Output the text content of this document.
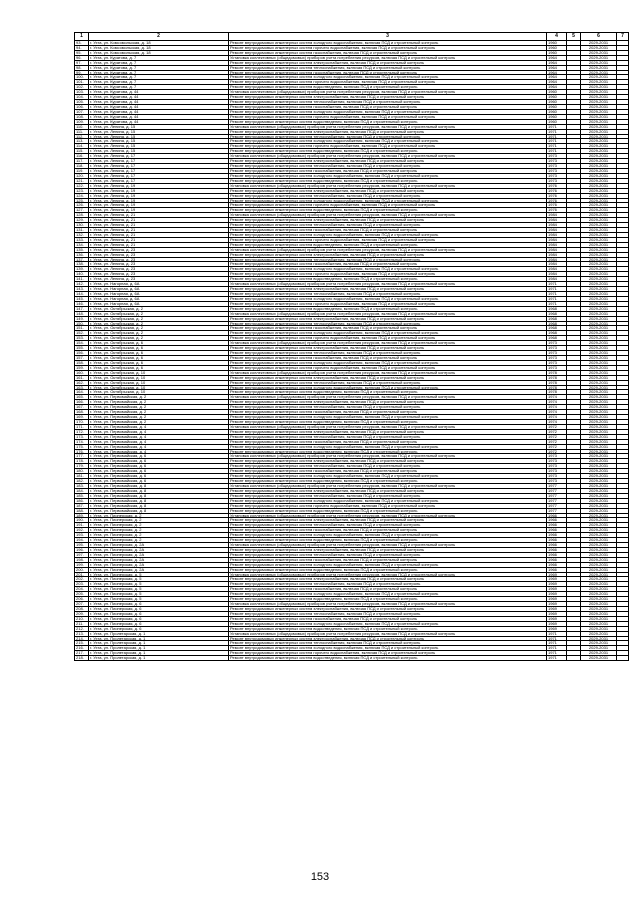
1	2	3	4	5	6	7
93.	г. Ухта, ул. Комсомольская, д. 18	Ремонт внутридомовых инженерных систем холодного водоснабжения, включая ПСД и строительный контроль	1960		2029-2031	
94.	г. Ухта, ул. Комсомольская, д. 18	Ремонт внутридомовых инженерных систем горячего водоснабжения, включая ПСД и строительный контроль	1960		2029-2031	
95.	г. Ухта, ул. Комсомольская, д. 18	Ремонт внутридомовых инженерных систем газоснабжения, включая ПСД и строительный контроль	1960		2029-2031	
96.	г. Ухта, ул. Куратова, д. 7	Установка коллективных (общедомовых) приборов учета потребления ресурсов, включая ПСД и строительный контроль	1964		2029-2031	
97.	г. Ухта, ул. Куратова, д. 7	Ремонт внутридомовых инженерных систем электроснабжения, включая ПСД и строительный контроль	1964		2029-2031	
98.	г. Ухта, ул. Куратова, д. 7	Ремонт внутридомовых инженерных систем теплоснабжения, включая ПСД и строительный контроль	1964		2029-2031	
99.	г. Ухта, ул. Куратова, д. 7	Ремонт внутридомовых инженерных систем газоснабжения, включая ПСД и строительный контроль	1964		2029-2031	
100.	г. Ухта, ул. Куратова, д. 7	Ремонт внутридомовых инженерных систем холодного водоснабжения, включая ПСД и строительный контроль	1964		2029-2031	
101.	г. Ухта, ул. Куратова, д. 7	Ремонт внутридомовых инженерных систем горячего водоснабжения, включая ПСД и строительный контроль	1964		2029-2031	
102.	г. Ухта, ул. Куратова, д. 7	Ремонт внутридомовых инженерных систем водоотведения, включая ПСД и строительный контроль	1964		2029-2031	
103.	г. Ухта, ул. Куратова, д. 44	Установка коллективных (общедомовых) приборов учета потребления ресурсов, включая ПСД и строительный контроль	1960		2029-2031	
104.	г. Ухта, ул. Куратова, д. 44	Ремонт внутридомовых инженерных систем электроснабжения, включая ПСД и строительный контроль	1960		2029-2031	
105.	г. Ухта, ул. Куратова, д. 44	Ремонт внутридомовых инженерных систем теплоснабжения, включая ПСД и строительный контроль	1960		2029-2031	
106.	г. Ухта, ул. Куратова, д. 44	Ремонт внутридомовых инженерных систем газоснабжения, включая ПСД и строительный контроль	1960		2029-2031	
107.	г. Ухта, ул. Куратова, д. 44	Ремонт внутридомовых инженерных систем холодного водоснабжения, включая ПСД и строительный контроль	1960		2029-2031	
108.	г. Ухта, ул. Куратова, д. 44	Ремонт внутридомовых инженерных систем горячего водоснабжения, включая ПСД и строительный контроль	1960		2029-2031	
109.	г. Ухта, ул. Куратова, д. 44	Ремонт внутридомовых инженерных систем водоотведения, включая ПСД и строительный контроль	1960		2029-2031	
110.	г. Ухта, ул. Ленина, д. 15	Установка коллективных (общедомовых) приборов учета потребления ресурсов, включая ПСД и строительный контроль	1971		2029-2031	
111.	г. Ухта, ул. Ленина, д. 15	Ремонт внутридомовых инженерных систем электроснабжения, включая ПСД и строительный контроль	1971		2029-2031	
112.	г. Ухта, ул. Ленина, д. 15	Ремонт внутридомовых инженерных систем теплоснабжения, включая ПСД и строительный контроль	1971		2029-2031	
113.	г. Ухта, ул. Ленина, д. 15	Ремонт внутридомовых инженерных систем холодного водоснабжения, включая ПСД и строительный контроль	1971		2029-2031	
114.	г. Ухта, ул. Ленина, д. 15	Ремонт внутридомовых инженерных систем горячего водоснабжения, включая ПСД и строительный контроль	1971		2029-2031	
115.	г. Ухта, ул. Ленина, д. 15	Ремонт внутридомовых инженерных систем водоотведения, включая ПСД и строительный контроль	1971		2029-2031	
116.	г. Ухта, ул. Ленина, д. 17	Установка коллективных (общедомовых) приборов учета потребления ресурсов, включая ПСД и строительный контроль	1973		2029-2031	
117.	г. Ухта, ул. Ленина, д. 17	Ремонт внутридомовых инженерных систем электроснабжения, включая ПСД и строительный контроль	1973		2029-2031	
118.	г. Ухта, ул. Ленина, д. 17	Ремонт внутридомовых инженерных систем теплоснабжения, включая ПСД и строительный контроль	1973		2029-2031	
119.	г. Ухта, ул. Ленина, д. 17	Ремонт внутридомовых инженерных систем газоснабжения, включая ПСД и строительный контроль	1973		2029-2031	
120.	г. Ухта, ул. Ленина, д. 17	Ремонт внутридомовых инженерных систем холодного водоснабжения, включая ПСД и строительный контроль	1973		2029-2031	
121.	г. Ухта, ул. Ленина, д. 17	Ремонт внутридомовых инженерных систем водоотведения, включая ПСД и строительный контроль	1973		2029-2031	
122.	г. Ухта, ул. Ленина, д. 19	Установка коллективных (общедомовых) приборов учета потребления ресурсов, включая ПСД и строительный контроль	1976		2029-2031	
123.	г. Ухта, ул. Ленина, д. 19	Ремонт внутридомовых инженерных систем электроснабжения, включая ПСД и строительный контроль	1976		2029-2031	
124.	г. Ухта, ул. Ленина, д. 19	Ремонт внутридомовых инженерных систем теплоснабжения, включая ПСД и строительный контроль	1976		2029-2031	
125.	г. Ухта, ул. Ленина, д. 19	Ремонт внутридомовых инженерных систем холодного водоснабжения, включая ПСД и строительный контроль	1976		2029-2031	
126.	г. Ухта, ул. Ленина, д. 19	Ремонт внутридомовых инженерных систем горячего водоснабжения, включая ПСД и строительный контроль	1976		2029-2031	
127.	г. Ухта, ул. Ленина, д. 19	Ремонт внутридомовых инженерных систем водоотведения, включая ПСД и строительный контроль	1976		2029-2031	
128.	г. Ухта, ул. Ленина, д. 21	Установка коллективных (общедомовых) приборов учета потребления ресурсов, включая ПСД и строительный контроль	1984		2029-2031	
129.	г. Ухта, ул. Ленина, д. 21	Ремонт внутридомовых инженерных систем электроснабжения, включая ПСД и строительный контроль	1984		2029-2031	
130.	г. Ухта, ул. Ленина, д. 21	Ремонт внутридомовых инженерных систем теплоснабжения, включая ПСД и строительный контроль	1984		2029-2031	
131.	г. Ухта, ул. Ленина, д. 21	Ремонт внутридомовых инженерных систем газоснабжения, включая ПСД и строительный контроль	1984		2029-2031	
132.	г. Ухта, ул. Ленина, д. 21	Ремонт внутридомовых инженерных систем холодного водоснабжения, включая ПСД и строительный контроль	1984		2029-2031	
133.	г. Ухта, ул. Ленина, д. 21	Ремонт внутридомовых инженерных систем горячего водоснабжения, включая ПСД и строительный контроль	1984		2029-2031	
134.	г. Ухта, ул. Ленина, д. 21	Ремонт внутридомовых инженерных систем водоотведения, включая ПСД и строительный контроль	1984		2029-2031	
135.	г. Ухта, ул. Ленина, д. 23	Установка коллективных (общедомовых) приборов учета потребления ресурсов, включая ПСД и строительный контроль	1984		2029-2031	
136.	г. Ухта, ул. Ленина, д. 23	Ремонт внутридомовых инженерных систем электроснабжения, включая ПСД и строительный контроль	1984		2029-2031	
137.	г. Ухта, ул. Ленина, д. 23	Ремонт внутридомовых инженерных систем теплоснабжения, включая ПСД и строительный контроль	1984		2029-2031	
138.	г. Ухта, ул. Ленина, д. 23	Ремонт внутридомовых инженерных систем газоснабжения, включая ПСД и строительный контроль	1984		2029-2031	
139.	г. Ухта, ул. Ленина, д. 23	Ремонт внутридомовых инженерных систем холодного водоснабжения, включая ПСД и строительный контроль	1984		2029-2031	
140.	г. Ухта, ул. Ленина, д. 23	Ремонт внутридомовых инженерных систем горячего водоснабжения, включая ПСД и строительный контроль	1984		2029-2031	
141.	г. Ухта, ул. Ленина, д. 23	Ремонт внутридомовых инженерных систем водоотведения, включая ПСД и строительный контроль	1984		2029-2031	
142.	г. Ухта, ул. Нагорная, д. 6А	Установка коллективных (общедомовых) приборов учета потребления ресурсов, включая ПСД и строительный контроль	1971		2029-2031	
143.	г. Ухта, ул. Нагорная, д. 6А	Ремонт внутридомовых инженерных систем электроснабжения, включая ПСД и строительный контроль	1971		2029-2031	
144.	г. Ухта, ул. Нагорная, д. 6А	Ремонт внутридомовых инженерных систем теплоснабжения, включая ПСД и строительный контроль	1971		2029-2031	
145.	г. Ухта, ул. Нагорная, д. 6А	Ремонт внутридомовых инженерных систем холодного водоснабжения, включая ПСД и строительный контроль	1971		2029-2031	
146.	г. Ухта, ул. Нагорная, д. 6А	Ремонт внутридомовых инженерных систем горячего водоснабжения, включая ПСД и строительный контроль	1971		2029-2031	
147.	г. Ухта, ул. Октябрьская, д. 2	Ремонт внутридомовых инженерных систем водоотведения, включая ПСД и строительный контроль	1968		2029-2031	
148.	г. Ухта, ул. Октябрьская, д. 2	Установка коллективных (общедомовых) приборов учета потребления ресурсов, включая ПСД и строительный контроль	1968		2029-2031	
149.	г. Ухта, ул. Октябрьская, д. 2	Ремонт внутридомовых инженерных систем электроснабжения, включая ПСД и строительный контроль	1968		2029-2031	
150.	г. Ухта, ул. Октябрьская, д. 2	Ремонт внутридомовых инженерных систем теплоснабжения, включая ПСД и строительный контроль	1968		2029-2031	
151.	г. Ухта, ул. Октябрьская, д. 2	Ремонт внутридомовых инженерных систем газоснабжения, включая ПСД и строительный контроль	1968		2029-2031	
152.	г. Ухта, ул. Октябрьская, д. 2	Ремонт внутридомовых инженерных систем холодного водоснабжения, включая ПСД и строительный контроль	1968		2029-2031	
153.	г. Ухта, ул. Октябрьская, д. 2	Ремонт внутридомовых инженерных систем горячего водоснабжения, включая ПСД и строительный контроль	1968		2029-2031	
154.	г. Ухта, ул. Октябрьская, д. 6	Установка коллективных (общедомовых) приборов учета потребления ресурсов, включая ПСД и строительный контроль	1973		2029-2031	
155.	г. Ухта, ул. Октябрьская, д. 6	Ремонт внутридомовых инженерных систем электроснабжения, включая ПСД и строительный контроль	1973		2029-2031	
156.	г. Ухта, ул. Октябрьская, д. 6	Ремонт внутридомовых инженерных систем теплоснабжения, включая ПСД и строительный контроль	1973		2029-2031	
157.	г. Ухта, ул. Октябрьская, д. 6	Ремонт внутридомовых инженерных систем газоснабжения, включая ПСД и строительный контроль	1973		2029-2031	
158.	г. Ухта, ул. Октябрьская, д. 6	Ремонт внутридомовых инженерных систем холодного водоснабжения, включая ПСД и строительный контроль	1973		2029-2031	
159.	г. Ухта, ул. Октябрьская, д. 6	Ремонт внутридомовых инженерных систем горячего водоснабжения, включая ПСД и строительный контроль	1973		2029-2031	
160.	г. Ухта, ул. Октябрьская, д. 10	Установка коллективных (общедомовых) приборов учета потребления ресурсов, включая ПСД и строительный контроль	1978		2029-2031	
161.	г. Ухта, ул. Октябрьская, д. 10	Ремонт внутридомовых инженерных систем электроснабжения, включая ПСД и строительный контроль	1978		2029-2031	
162.	г. Ухта, ул. Октябрьская, д. 10	Ремонт внутридомовых инженерных систем теплоснабжения, включая ПСД и строительный контроль	1978		2029-2031	
163.	г. Ухта, ул. Октябрьская, д. 10	Ремонт внутридомовых инженерных систем холодного водоснабжения, включая ПСД и строительный контроль	1978		2029-2031	
164.	г. Ухта, ул. Октябрьская, д. 10	Ремонт внутридомовых инженерных систем водоотведения, включая ПСД и строительный контроль	1978		2029-2031	
165.	г. Ухта, ул. Первомайская, д. 2	Установка коллективных (общедомовых) приборов учета потребления ресурсов, включая ПСД и строительный контроль	1974		2029-2031	
166.	г. Ухта, ул. Первомайская, д. 2	Ремонт внутридомовых инженерных систем электроснабжения, включая ПСД и строительный контроль	1974		2029-2031	
167.	г. Ухта, ул. Первомайская, д. 2	Ремонт внутридомовых инженерных систем теплоснабжения, включая ПСД и строительный контроль	1974		2029-2031	
168.	г. Ухта, ул. Первомайская, д. 2	Ремонт внутридомовых инженерных систем газоснабжения, включая ПСД и строительный контроль	1974		2029-2031	
169.	г. Ухта, ул. Первомайская, д. 2	Ремонт внутридомовых инженерных систем холодного водоснабжения, включая ПСД и строительный контроль	1974		2029-2031	
170.	г. Ухта, ул. Первомайская, д. 2	Ремонт внутридомовых инженерных систем водоотведения, включая ПСД и строительный контроль	1974		2029-2031	
171.	г. Ухта, ул. Первомайская, д. 4	Установка коллективных (общедомовых) приборов учета потребления ресурсов, включая ПСД и строительный контроль	1972		2029-2031	
172.	г. Ухта, ул. Первомайская, д. 4	Ремонт внутридомовых инженерных систем электроснабжения, включая ПСД и строительный контроль	1972		2029-2031	
173.	г. Ухта, ул. Первомайская, д. 4	Ремонт внутридомовых инженерных систем теплоснабжения, включая ПСД и строительный контроль	1972		2029-2031	
174.	г. Ухта, ул. Первомайская, д. 4	Ремонт внутридомовых инженерных систем газоснабжения, включая ПСД и строительный контроль	1972		2029-2031	
175.	г. Ухта, ул. Первомайская, д. 4	Ремонт внутридомовых инженерных систем холодного водоснабжения, включая ПСД и строительный контроль	1972		2029-2031	
176.	г. Ухта, ул. Первомайская, д. 4	Ремонт внутридомовых инженерных систем водоотведения, включая ПСД и строительный контроль	1972		2029-2031	
177.	г. Ухта, ул. Первомайская, д. 6	Установка коллективных (общедомовых) приборов учета потребления ресурсов, включая ПСД и строительный контроль	1973		2029-2031	
178.	г. Ухта, ул. Первомайская, д. 6	Ремонт внутридомовых инженерных систем электроснабжения, включая ПСД и строительный контроль	1973		2029-2031	
179.	г. Ухта, ул. Первомайская, д. 6	Ремонт внутридомовых инженерных систем теплоснабжения, включая ПСД и строительный контроль	1973		2029-2031	
180.	г. Ухта, ул. Первомайская, д. 6	Ремонт внутридомовых инженерных систем газоснабжения, включая ПСД и строительный контроль	1973		2029-2031	
181.	г. Ухта, ул. Первомайская, д. 6	Ремонт внутридомовых инженерных систем холодного водоснабжения, включая ПСД и строительный контроль	1973		2029-2031	
182.	г. Ухта, ул. Первомайская, д. 6	Ремонт внутридомовых инженерных систем водоотведения, включая ПСД и строительный контроль	1973		2029-2031	
183.	г. Ухта, ул. Первомайская, д. 8	Установка коллективных (общедомовых) приборов учета потребления ресурсов, включая ПСД и строительный контроль	1977		2029-2031	
184.	г. Ухта, ул. Первомайская, д. 8	Ремонт внутридомовых инженерных систем электроснабжения, включая ПСД и строительный контроль	1977		2029-2031	
185.	г. Ухта, ул. Первомайская, д. 8	Ремонт внутридомовых инженерных систем теплоснабжения, включая ПСД и строительный контроль	1977		2029-2031	
186.	г. Ухта, ул. Первомайская, д. 8	Ремонт внутридомовых инженерных систем холодного водоснабжения, включая ПСД и строительный контроль	1977		2029-2031	
187.	г. Ухта, ул. Первомайская, д. 8	Ремонт внутридомовых инженерных систем горячего водоснабжения, включая ПСД и строительный контроль	1977		2029-2031	
188.	г. Ухта, ул. Первомайская, д. 8	Ремонт внутридомовых инженерных систем водоотведения, включая ПСД и строительный контроль	1977		2029-2031	
189.	г. Ухта, ул. Пионерская, д. 2	Установка коллективных (общедомовых) приборов учета потребления ресурсов, включая ПСД и строительный контроль	1966		2029-2031	
190.	г. Ухта, ул. Пионерская, д. 2	Ремонт внутридомовых инженерных систем электроснабжения, включая ПСД и строительный контроль	1966		2029-2031	
191.	г. Ухта, ул. Пионерская, д. 2	Ремонт внутридомовых инженерных систем теплоснабжения, включая ПСД и строительный контроль	1966		2029-2031	
192.	г. Ухта, ул. Пионерская, д. 2	Ремонт внутридомовых инженерных систем газоснабжения, включая ПСД и строительный контроль	1966		2029-2031	
193.	г. Ухта, ул. Пионерская, д. 2	Ремонт внутридомовых инженерных систем холодного водоснабжения, включая ПСД и строительный контроль	1966		2029-2031	
194.	г. Ухта, ул. Пионерская, д. 2	Ремонт внутридомовых инженерных систем водоотведения, включая ПСД и строительный контроль	1966		2029-2031	
195.	г. Ухта, ул. Пионерская, д. 2А	Установка коллективных (общедомовых) приборов учета потребления ресурсов, включая ПСД и строительный контроль	1966		2029-2031	
196.	г. Ухта, ул. Пионерская, д. 2А	Ремонт внутридомовых инженерных систем электроснабжения, включая ПСД и строительный контроль	1966		2029-2031	
197.	г. Ухта, ул. Пионерская, д. 2А	Ремонт внутридомовых инженерных систем теплоснабжения, включая ПСД и строительный контроль	1966		2029-2031	
198.	г. Ухта, ул. Пионерская, д. 2А	Ремонт внутридомовых инженерных систем газоснабжения, включая ПСД и строительный контроль	1966		2029-2031	
199.	г. Ухта, ул. Пионерская, д. 2А	Ремонт внутридомовых инженерных систем холодного водоснабжения, включая ПСД и строительный контроль	1966		2029-2031	
200.	г. Ухта, ул. Пионерская, д. 2А	Ремонт внутридомовых инженерных систем водоотведения, включая ПСД и строительный контроль	1966		2029-2031	
201.	г. Ухта, ул. Пионерская, д. 5	Установка коллективных (общедомовых) приборов учета потребления ресурсов, включая ПСД и строительный контроль	1969		2029-2031	
202.	г. Ухта, ул. Пионерская, д. 5	Ремонт внутридомовых инженерных систем электроснабжения, включая ПСД и строительный контроль	1969		2029-2031	
203.	г. Ухта, ул. Пионерская, д. 5	Ремонт внутридомовых инженерных систем теплоснабжения, включая ПСД и строительный контроль	1969		2029-2031	
204.	г. Ухта, ул. Пионерская, д. 5	Ремонт внутридомовых инженерных систем газоснабжения, включая ПСД и строительный контроль	1969		2029-2031	
205.	г. Ухта, ул. Пионерская, д. 5	Ремонт внутридомовых инженерных систем холодного водоснабжения, включая ПСД и строительный контроль	1969		2029-2031	
206.	г. Ухта, ул. Пионерская, д. 5	Ремонт внутридомовых инженерных систем водоотведения, включая ПСД и строительный контроль	1969		2029-2031	
207.	г. Ухта, ул. Пионерская, д. 6	Установка коллективных (общедомовых) приборов учета потребления ресурсов, включая ПСД и строительный контроль	1969		2029-2031	
208.	г. Ухта, ул. Пионерская, д. 6	Ремонт внутридомовых инженерных систем электроснабжения, включая ПСД и строительный контроль	1969		2029-2031	
209.	г. Ухта, ул. Пионерская, д. 6	Ремонт внутридомовых инженерных систем теплоснабжения, включая ПСД и строительный контроль	1969		2029-2031	
210.	г. Ухта, ул. Пионерская, д. 6	Ремонт внутридомовых инженерных систем газоснабжения, включая ПСД и строительный контроль	1969		2029-2031	
211.	г. Ухта, ул. Пионерская, д. 6	Ремонт внутридомовых инженерных систем холодного водоснабжения, включая ПСД и строительный контроль	1969		2029-2031	
212.	г. Ухта, ул. Пионерская, д. 6	Ремонт внутридомовых инженерных систем водоотведения, включая ПСД и строительный контроль	1969		2029-2031	
213.	г. Ухта, ул. Пролетарская, д. 1	Установка коллективных (общедомовых) приборов учета потребления ресурсов, включая ПСД и строительный контроль	1971		2029-2031	
214.	г. Ухта, ул. Пролетарская, д. 1	Ремонт внутридомовых инженерных систем электроснабжения, включая ПСД и строительный контроль	1971		2029-2031	
215.	г. Ухта, ул. Пролетарская, д. 1	Ремонт внутридомовых инженерных систем теплоснабжения, включая ПСД и строительный контроль	1971		2029-2031	
216.	г. Ухта, ул. Пролетарская, д. 1	Ремонт внутридомовых инженерных систем холодного водоснабжения, включая ПСД и строительный контроль	1971		2029-2031	
217.	г. Ухта, ул. Пролетарская, д. 1	Ремонт внутридомовых инженерных систем горячего водоснабжения, включая ПСД и строительный контроль	1971		2029-2031	
218.	г. Ухта, ул. Пролетарская, д. 1	Ремонт внутридомовых инженерных систем водоотведения, включая ПСД и строительный контроль	1971		2029-2031	
153
